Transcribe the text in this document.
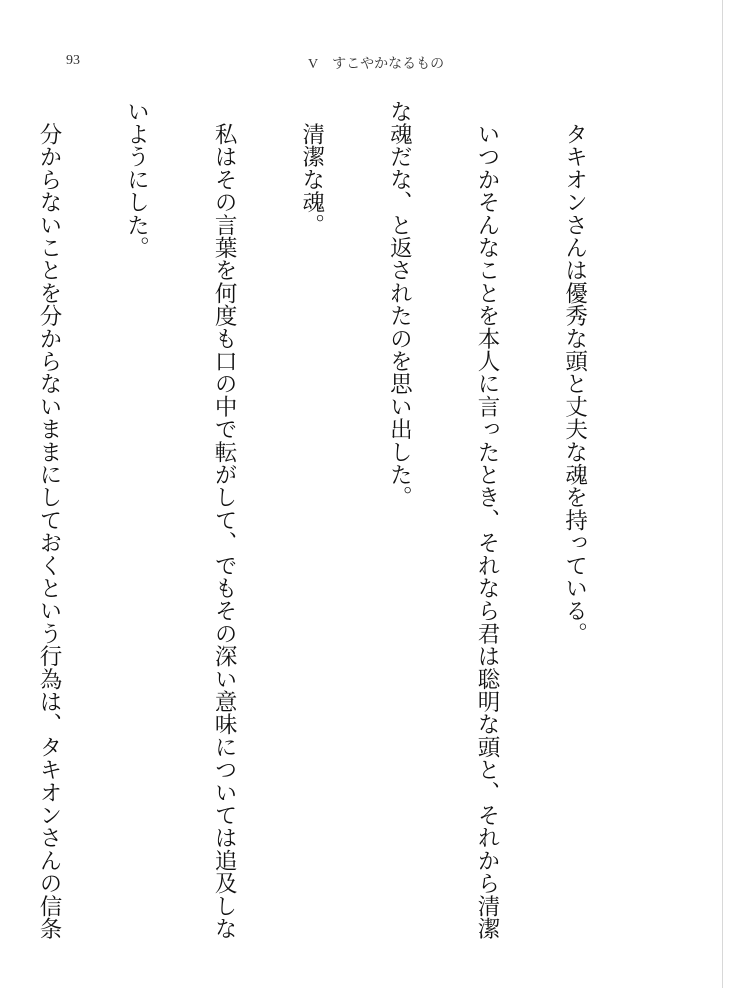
93	V すこやかなるもの

　タキオンさんは優秀な頭と丈夫な魂を持っている。

　いつかそんなことを本人に言ったとき、それなら君は聡明な頭と、それから清潔

な魂だな、と返されたのを思い出した。

　清潔な魂。

　私はその言葉を何度も口の中で転がして、でもその深い意味については追及しな

いようにした。

　分からないことを分からないままにしておくという行為は、タキオンさんの信条
